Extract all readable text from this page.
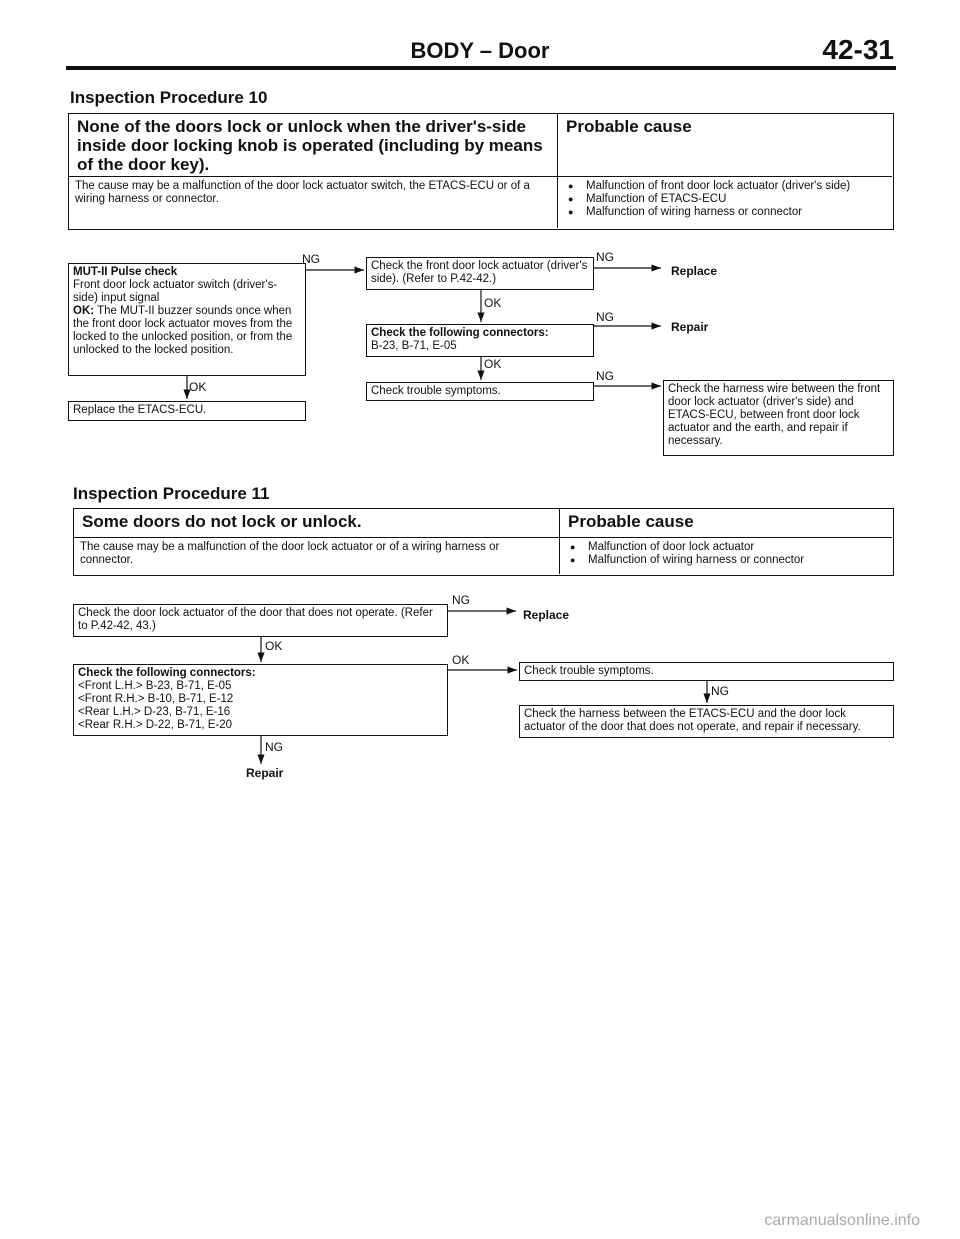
BODY – Door	42-31
Inspection Procedure 10
None of the doors lock or unlock when the driver's-side inside door locking knob is operated (including by means of the door key).
Probable cause
The cause may be a malfunction of the door lock actuator switch, the ETACS-ECU or of a wiring harness or connector.
● Malfunction of front door lock actuator (driver's side)
● Malfunction of ETACS-ECU
● Malfunction of wiring harness or connector
MUT-II Pulse check
Front door lock actuator switch (driver's-side) input signal
OK: The MUT-II buzzer sounds once when the front door lock actuator moves from the locked to the unlocked position, or from the unlocked to the locked position.
Replace the ETACS-ECU.
Check the front door lock actuator (driver's side). (Refer to P.42-42.)
Check the following connectors:
B-23, B-71, E-05
Check trouble symptoms.
Replace
Repair
Check the harness wire between the front door lock actuator (driver's side) and ETACS-ECU, between front door lock actuator and the earth, and repair if necessary.
NG
OK
NG
OK
NG
OK
NG
Inspection Procedure 11
Some doors do not lock or unlock.	Probable cause
The cause may be a malfunction of the door lock actuator or of a wiring harness or connector.
● Malfunction of door lock actuator
● Malfunction of wiring harness or connector
Check the door lock actuator of the door that does not operate. (Refer to P.42-42, 43.)
Replace
Check the following connectors:
<Front L.H.> B-23, B-71, E-05
<Front R.H.> B-10, B-71, E-12
<Rear L.H.> D-23, B-71, E-16
<Rear R.H.> D-22, B-71, E-20
Repair
Check trouble symptoms.
Check the harness between the ETACS-ECU and the door lock actuator of the door that does not operate, and repair if necessary.
NG
OK
OK
NG
NG
carmanualsonline.info
